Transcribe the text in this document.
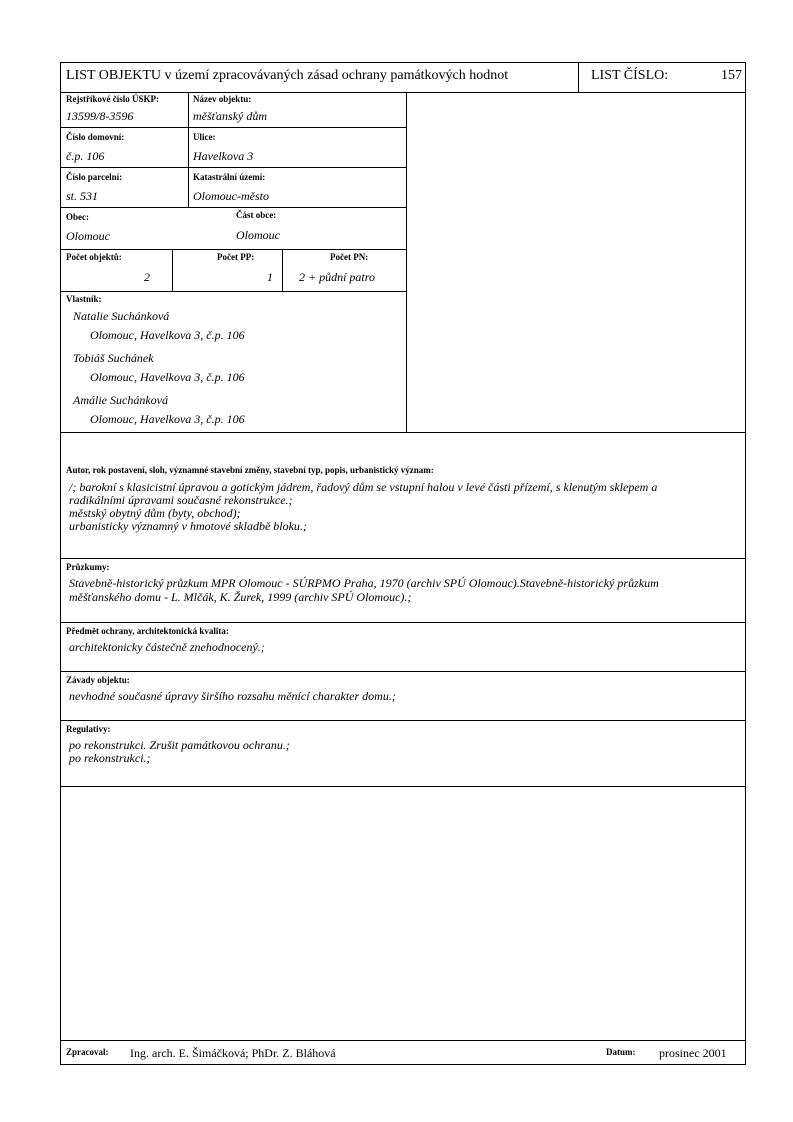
LIST OBJEKTU v území zpracovávaných zásad ochrany památkových hodnot	LIST ČÍSLO:	157
Rejstříkové číslo ÚSKP:
13599/8-3596
Název objektu:
měšťanský dům
Číslo domovní:
č.p. 106
Ulice:
Havelkova 3
Číslo parcelní:
st. 531
Katastrální území:
Olomouc-město
Obec:
Olomouc
Část obce:
Olomouc
Počet objektů:
2
Počet PP:
1
Počet PN:
2 + půdní patro
Vlastník:
Natalie Suchánková
Olomouc, Havelkova 3, č.p. 106
Tobiáš Suchánek
Olomouc, Havelkova 3, č.p. 106
Amálie Suchánková
Olomouc, Havelkova 3, č.p. 106
Autor, rok postavení, sloh, významné stavební změny, stavební typ, popis, urbanistický význam:
/; barokní s klasicistní úpravou a gotickým jádrem, řadový dům se vstupní halou v levé části přízemí, s klenutým sklepem a
radikálními úpravami současné rekonstrukce.;
městský obytný dům (byty, obchod);
urbanisticky významný v hmotové skladbě bloku.;
Průzkumy:
Stavebně-historický průzkum MPR Olomouc - SÚRPMO Praha, 1970 (archiv SPÚ Olomouc).Stavebně-historický průzkum
měšťanského domu - L. Mlčák, K. Žurek, 1999 (archiv SPÚ Olomouc).;
Předmět ochrany, architektonická kvalita:
architektonicky částečně znehodnocený.;
Závady objektu:
nevhodné současné úpravy širšího rozsahu měnící charakter domu.;
Regulativy:
po rekonstrukci. Zrušit památkovou ochranu.;
po rekonstrukci.;
Zpracoval: Ing. arch. E. Šimáčková; PhDr. Z. Bláhová	Datum: prosinec 2001
